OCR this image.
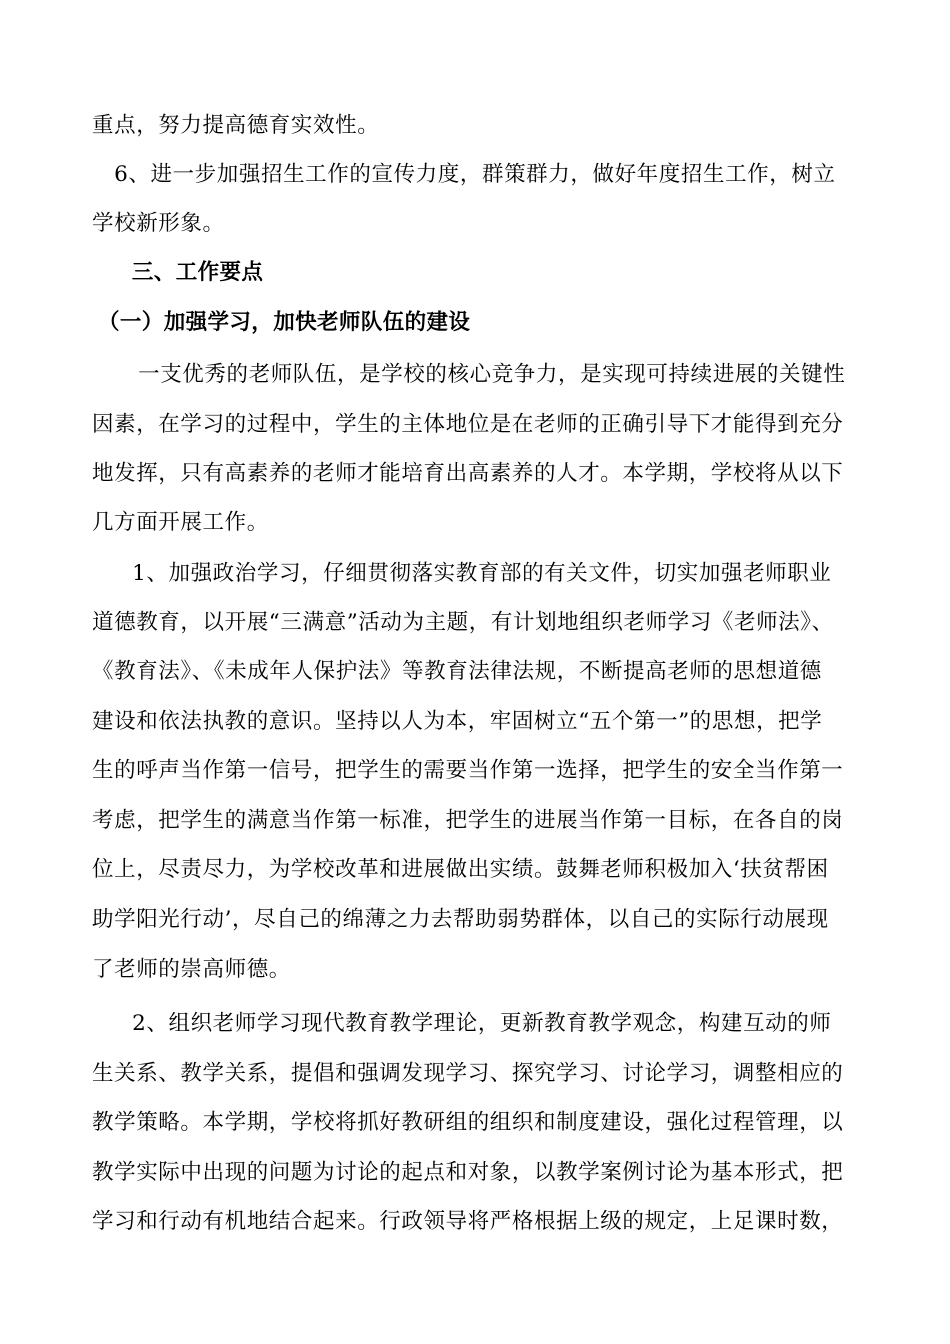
重点，努力提高德育实效性。
　6、进一步加强招生工作的宣传力度，群策群力，做好年度招生工作，树立
学校新形象。
　三、工作要点
（一）加强学习，加快老师队伍的建设
　一支优秀的老师队伍，是学校的核心竞争力，是实现可持续进展的关键性
因素，在学习的过程中，学生的主体地位是在老师的正确引导下才能得到充分
地发挥，只有高素养的老师才能培育出高素养的人才。本学期，学校将从以下
几方面开展工作。
　1、加强政治学习，仔细贯彻落实教育部的有关文件，切实加强老师职业
道德教育，以开展“三满意”活动为主题，有计划地组织老师学习《老师法》、
《教育法》、《未成年人保护法》等教育法律法规，不断提高老师的思想道德
建设和依法执教的意识。坚持以人为本，牢固树立“五个第一”的思想，把学
生的呼声当作第一信号，把学生的需要当作第一选择，把学生的安全当作第一
考虑，把学生的满意当作第一标准，把学生的进展当作第一目标，在各自的岗
位上，尽责尽力，为学校改革和进展做出实绩。鼓舞老师积极加入‘扶贫帮困
助学阳光行动’，尽自己的绵薄之力去帮助弱势群体，以自己的实际行动展现
了老师的崇高师德。
　2、组织老师学习现代教育教学理论，更新教育教学观念，构建互动的师
生关系、教学关系，提倡和强调发现学习、探究学习、讨论学习，调整相应的
教学策略。本学期，学校将抓好教研组的组织和制度建设，强化过程管理，以
教学实际中出现的问题为讨论的起点和对象，以教学案例讨论为基本形式，把
学习和行动有机地结合起来。行政领导将严格根据上级的规定，上足课时数，
